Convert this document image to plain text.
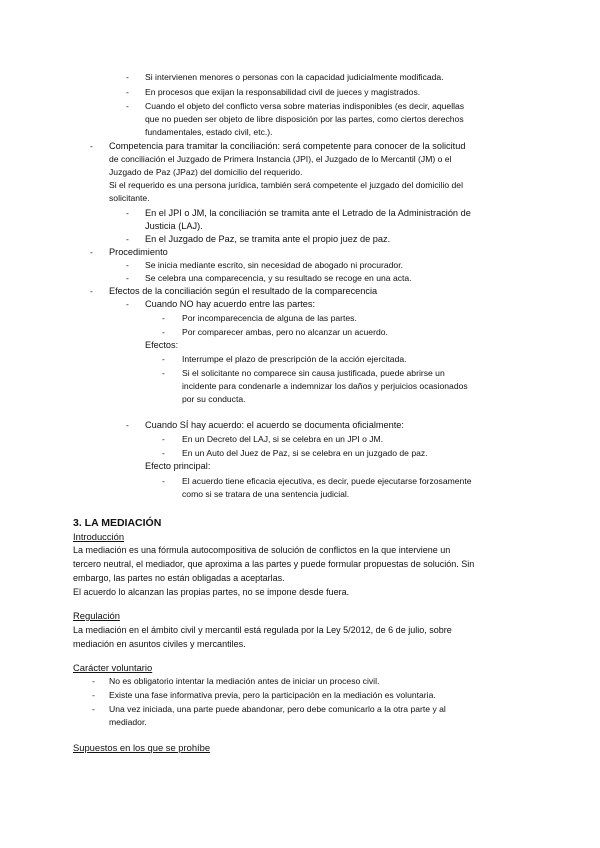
- Si intervienen menores o personas con la capacidad judicialmente modificada.
- En procesos que exijan la responsabilidad civil de jueces y magistrados.
- Cuando el objeto del conflicto versa sobre materias indisponibles (es decir, aquellas
que no pueden ser objeto de libre disposición por las partes, como ciertos derechos
fundamentales, estado civil, etc.).
- Competencia para tramitar la conciliación: será competente para conocer de la solicitud
de conciliación el Juzgado de Primera Instancia (JPI), el Juzgado de lo Mercantil (JM) o el
Juzgado de Paz (JPaz) del domicilio del requerido.
Si el requerido es una persona jurídica, también será competente el juzgado del domicilio del
solicitante.
- En el JPI o JM, la conciliación se tramita ante el Letrado de la Administración de
Justicia (LAJ).
- En el Juzgado de Paz, se tramita ante el propio juez de paz.
- Procedimiento
- Se inicia mediante escrito, sin necesidad de abogado ni procurador.
- Se celebra una comparecencia, y su resultado se recoge en una acta.
- Efectos de la conciliación según el resultado de la comparecencia
- Cuando NO hay acuerdo entre las partes:
- Por incomparecencia de alguna de las partes.
- Por comparecer ambas, pero no alcanzar un acuerdo.
Efectos:
- Interrumpe el plazo de prescripción de la acción ejercitada.
- Si el solicitante no comparece sin causa justificada, puede abrirse un
incidente para condenarle a indemnizar los daños y perjuicios ocasionados
por su conducta.
- Cuando SÍ hay acuerdo: el acuerdo se documenta oficialmente:
- En un Decreto del LAJ, si se celebra en un JPI o JM.
- En un Auto del Juez de Paz, si se celebra en un juzgado de paz.
Efecto principal:
- El acuerdo tiene eficacia ejecutiva, es decir, puede ejecutarse forzosamente
como si se tratara de una sentencia judicial.
3. LA MEDIACIÓN
Introducción
La mediación es una fórmula autocompositiva de solución de conflictos en la que interviene un
tercero neutral, el mediador, que aproxima a las partes y puede formular propuestas de solución. Sin
embargo, las partes no están obligadas a aceptarlas.
El acuerdo lo alcanzan las propias partes, no se impone desde fuera.
Regulación
La mediación en el ámbito civil y mercantil está regulada por la Ley 5/2012, de 6 de julio, sobre
mediación en asuntos civiles y mercantiles.
Carácter voluntario
- No es obligatorio intentar la mediación antes de iniciar un proceso civil.
- Existe una fase informativa previa, pero la participación en la mediación es voluntaria.
- Una vez iniciada, una parte puede abandonar, pero debe comunicarlo a la otra parte y al
mediador.
Supuestos en los que se prohíbe
